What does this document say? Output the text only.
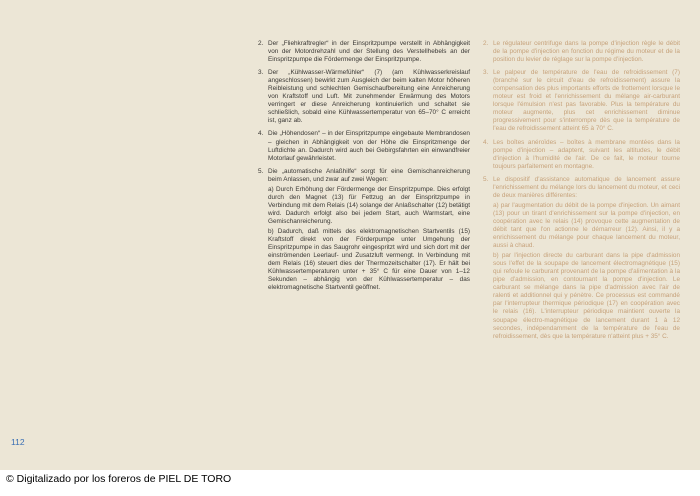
2. Der „Fliehkraftregler“ in der Einspritzpumpe verstellt in Abhängigkeit von der Motordrehzahl und der Stellung des Verstellhebels an der Einspritzpumpe die Fördermenge der Einspritzpumpe.

3. Der „Kühlwasser-Wärmefühler“ (7) (am Kühlwasserkreislauf angeschlossen) bewirkt zum Ausgleich der beim kalten Motor höheren Reibleistung und schlechten Gemischaufbereitung eine Anreicherung von Kraftstoff und Luft. Mit zunehmender Erwärmung des Motors verringert er diese Anreicherung kontinuierlich und schaltet sie schließlich, sobald eine Kühlwassertemperatur von 65–70° C erreicht ist, ganz ab.

4. Die „Höhendosen“ – in der Einspritzpumpe eingebaute Membrandosen – gleichen in Abhängigkeit von der Höhe die Einspritzmenge der Luftdichte an. Dadurch wird auch bei Gebirgsfahrten ein einwandfreier Motorlauf gewährleistet.

5. Die „automatische Anlaßhilfe“ sorgt für eine Gemischanreicherung beim Anlassen, und zwar auf zwei Wegen:

a) Durch Erhöhung der Fördermenge der Einspritzpumpe. Dies erfolgt durch den Magnet (13) für Fettzug an der Einspritzpumpe in Verbindung mit dem Relais (14) solange der Anlaßschalter (12) betätigt wird. Dadurch erfolgt also bei jedem Start, auch Warmstart, eine Gemischanreicherung.

b) Dadurch, daß mittels des elektromagnetischen Startventils (15) Kraftstoff direkt von der Förderpumpe unter Umgehung der Einspritzpumpe in das Saugrohr eingespritzt wird und sich dort mit der einströmenden Leerlauf- und Zusatzluft vermengt. In Verbindung mit dem Relais (16) steuert dies der Thermozeitschalter (17). Er hält bei Kühlwassertemperaturen unter + 35° C für eine Dauer von 1–12 Sekunden – abhängig von der Kühlwassertemperatur – das elektromagnetische Startventil geöffnet.

2. Le régulateur centrifuge dans la pompe d'injection règle le débit de la pompe d'injection en fonction du régime du moteur et de la position du levier de réglage sur la pompe d'injection.

3. Le palpeur de température de l'eau de refroidissement (7) (branché sur le circuit d'eau de refroidissement) assure la compensation des plus importants efforts de frottement lorsque le moteur est froid et l'enrichissement du mélange air-carburant lorsque l'émulsion n'est pas favorable. Plus la température du moteur augmente, plus cet enrichissement diminue progressivement pour s'interrompre dès que la température de l'eau de refroidissement atteint 65 à 70° C.

4. Les boîtes anéroïdes – boîtes à membrane montées dans la pompe d'injection – adaptent, suivant les altitudes, le débit d'injection à l'humidité de l'air. De ce fait, le moteur tourne toujours parfaitement en montagne.

5. Le dispositif d'assistance automatique de lancement assure l'enrichissement du mélange lors du lancement du moteur, et ceci de deux manières différentes:

a) par l'augmentation du débit de la pompe d'injection. Un aimant (13) pour un tirant d'enrichissement sur la pompe d'injection, en coopération avec le relais (14) provoque cette augmentation de débit tant que l'on actionne le démarreur (12). Ainsi, il y a enrichissement du mélange pour chaque lancement du moteur, aussi à chaud.

b) par l'injection directe du carburant dans la pipe d'admission sous l'effet de la soupape de lancement électromagnétique (15) qui refoule le carburant provenant de la pompe d'alimentation à la pipe d'admission, en contournant la pompe d'injection. Le carburant se mélange dans la pipe d'admission avec l'air de ralenti et additionnel qui y pénètre. Ce processus est commandé par l'interrupteur thermique périodique (17) en coopération avec le relais (16). L'interrupteur périodique maintient ouverte la soupape électro-magnétique de lancement durant 1 à 12 secondes, indépendamment de la température de l'eau de refroidissement, dès que la température n'atteint plus + 35° C.

112
© Digitalizado por los foreros de PIEL DE TORO
